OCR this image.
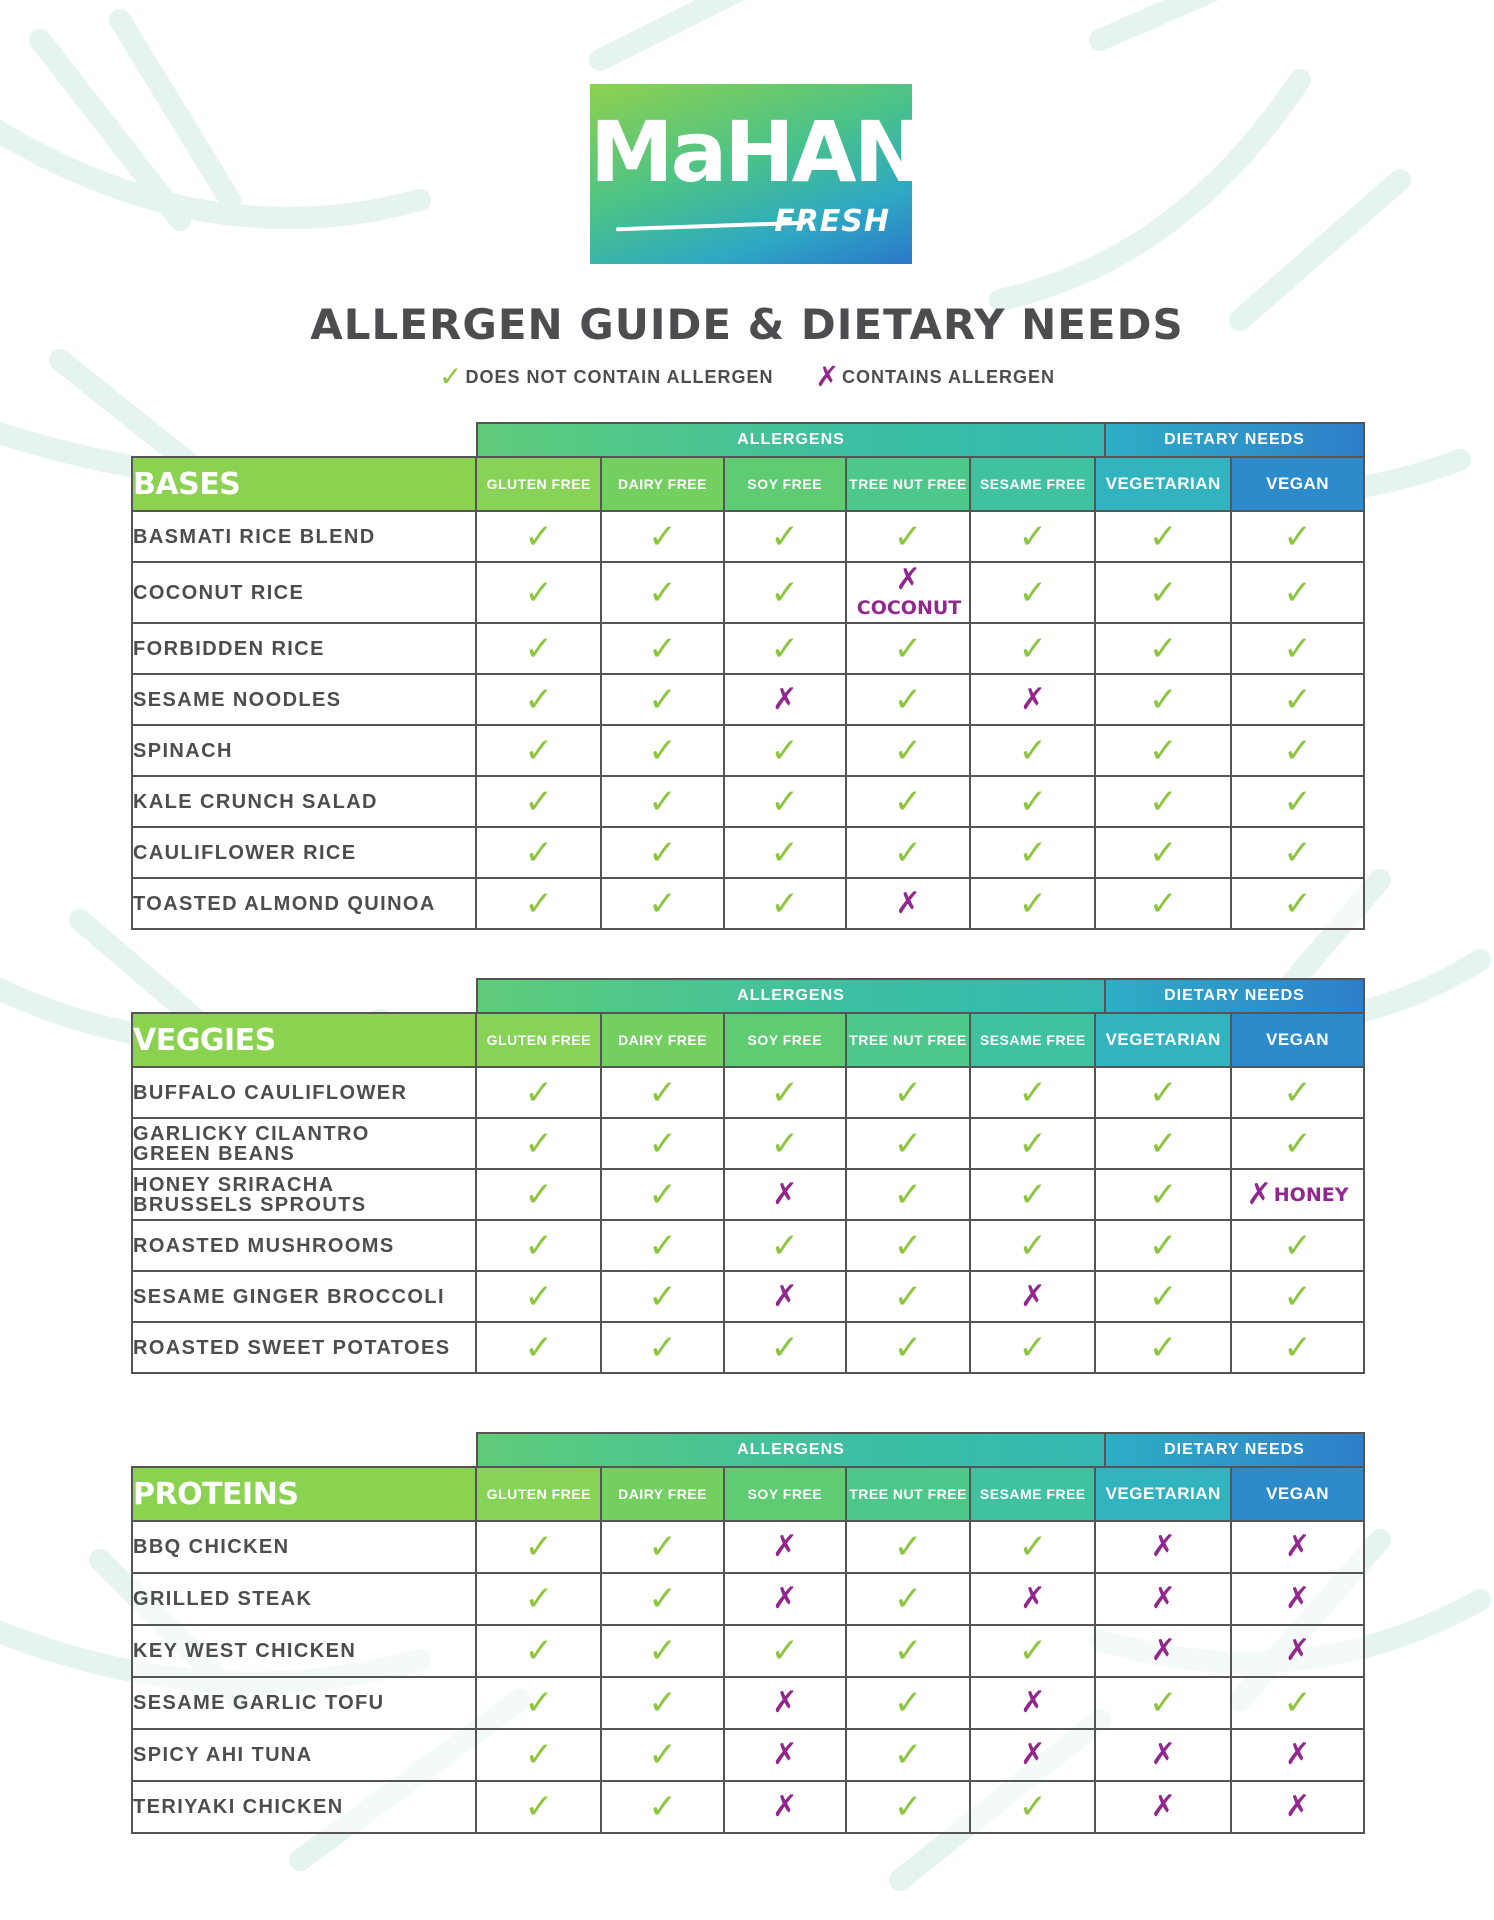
MaHANa
FRESH
ALLERGEN GUIDE & DIETARY NEEDS
✓ DOES NOT CONTAIN ALLERGEN ✗ CONTAINS ALLERGEN
ALLERGENS	DIETARY NEEDS
BASES	GLUTEN FREE	DAIRY FREE	SOY FREE	TREE NUT FREE	SESAME FREE	VEGETARIAN	VEGAN
BASMATI RICE BLEND	✓	✓	✓	✓	✓	✓	✓
COCONUT RICE	✓	✓	✓	✗COCONUT	✓	✓	✓
FORBIDDEN RICE	✓	✓	✓	✓	✓	✓	✓
SESAME NOODLES	✓	✓	✗	✓	✗	✓	✓
SPINACH	✓	✓	✓	✓	✓	✓	✓
KALE CRUNCH SALAD	✓	✓	✓	✓	✓	✓	✓
CAULIFLOWER RICE	✓	✓	✓	✓	✓	✓	✓
TOASTED ALMOND QUINOA	✓	✓	✓	✗	✓	✓	✓
ALLERGENS	DIETARY NEEDS
VEGGIES	GLUTEN FREE	DAIRY FREE	SOY FREE	TREE NUT FREE	SESAME FREE	VEGETARIAN	VEGAN
BUFFALO CAULIFLOWER	✓	✓	✓	✓	✓	✓	✓
GARLICKY CILANTRO
GREEN BEANS	✓	✓	✓	✓	✓	✓	✓
HONEY SRIRACHA
BRUSSELS SPROUTS	✓	✓	✗	✓	✓	✓	✗ HONEY
ROASTED MUSHROOMS	✓	✓	✓	✓	✓	✓	✓
SESAME GINGER BROCCOLI	✓	✓	✗	✓	✗	✓	✓
ROASTED SWEET POTATOES	✓	✓	✓	✓	✓	✓	✓
ALLERGENS	DIETARY NEEDS
PROTEINS	GLUTEN FREE	DAIRY FREE	SOY FREE	TREE NUT FREE	SESAME FREE	VEGETARIAN	VEGAN
BBQ CHICKEN	✓	✓	✗	✓	✓	✗	✗
GRILLED STEAK	✓	✓	✗	✓	✗	✗	✗
KEY WEST CHICKEN	✓	✓	✓	✓	✓	✗	✗
SESAME GARLIC TOFU	✓	✓	✗	✓	✗	✓	✓
SPICY AHI TUNA	✓	✓	✗	✓	✗	✗	✗
TERIYAKI CHICKEN	✓	✓	✗	✓	✓	✗	✗
